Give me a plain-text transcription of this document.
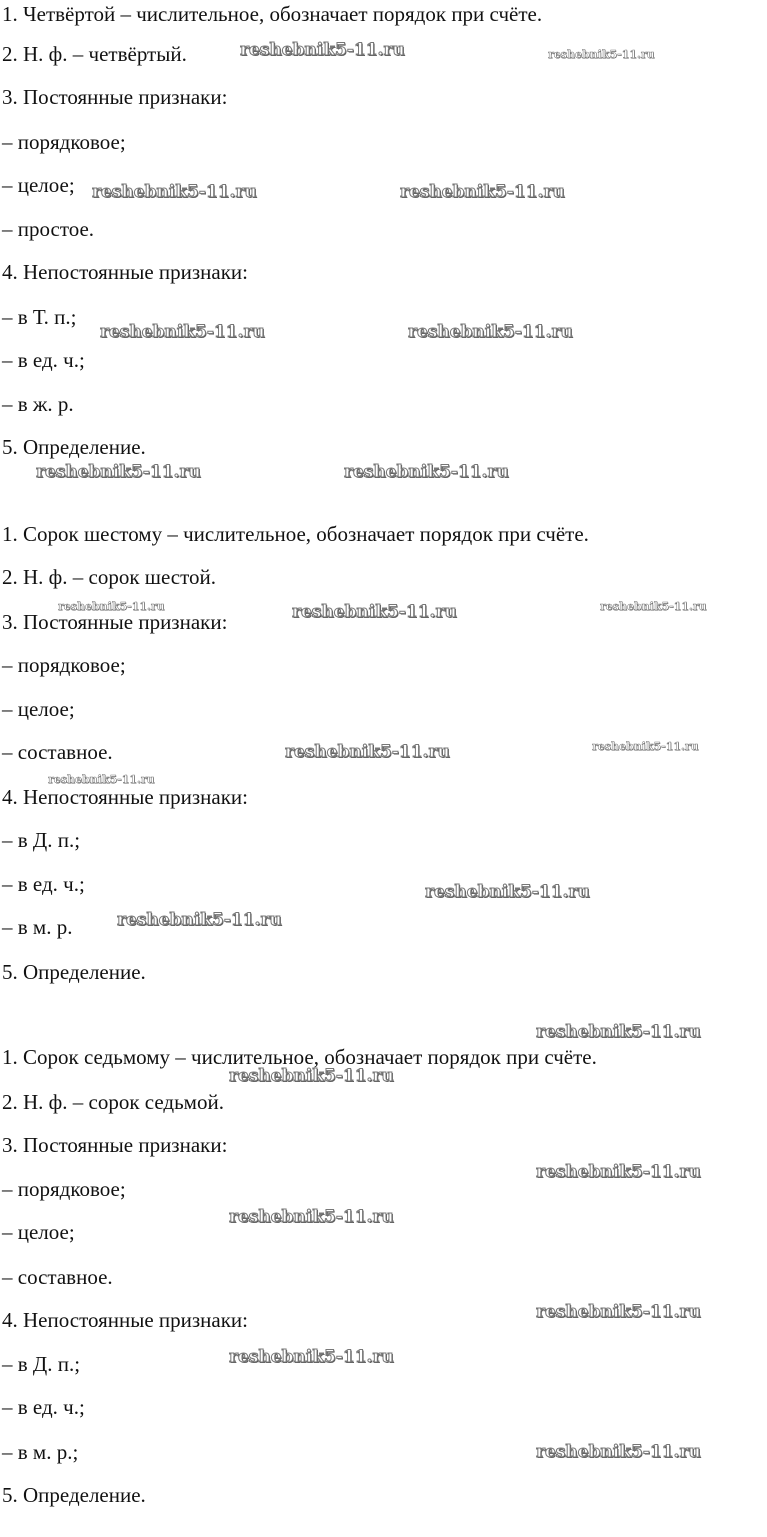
1. Четвёртой – числительное, обозначает порядок при счёте.
2. Н. ф. – четвёртый.
3. Постоянные признаки:
– порядковое;
– целое;
– простое.
4. Непостоянные признаки:
– в Т. п.;
– в ед. ч.;
– в ж. р.
5. Определение.
1. Сорок шестому – числительное, обозначает порядок при счёте.
2. Н. ф. – сорок шестой.
3. Постоянные признаки:
– порядковое;
– целое;
– составное.
4. Непостоянные признаки:
– в Д. п.;
– в ед. ч.;
– в м. р.
5. Определение.
1. Сорок седьмому – числительное, обозначает порядок при счёте.
2. Н. ф. – сорок седьмой.
3. Постоянные признаки:
– порядковое;
– целое;
– составное.
4. Непостоянные признаки:
– в Д. п.;
– в ед. ч.;
– в м. р.;
5. Определение.
reshebnik5-11.ru	reshebnik5-11.ru
reshebnik5-11.ru	reshebnik5-11.ru
reshebnik5-11.ru	reshebnik5-11.ru
reshebnik5-11.ru	reshebnik5-11.ru
reshebnik5-11.ru	reshebnik5-11.ru	reshebnik5-11.ru
reshebnik5-11.ru	reshebnik5-11.ru
reshebnik5-11.ru
reshebnik5-11.ru
reshebnik5-11.ru
reshebnik5-11.ru
reshebnik5-11.ru
reshebnik5-11.ru
reshebnik5-11.ru
reshebnik5-11.ru
reshebnik5-11.ru
reshebnik5-11.ru
